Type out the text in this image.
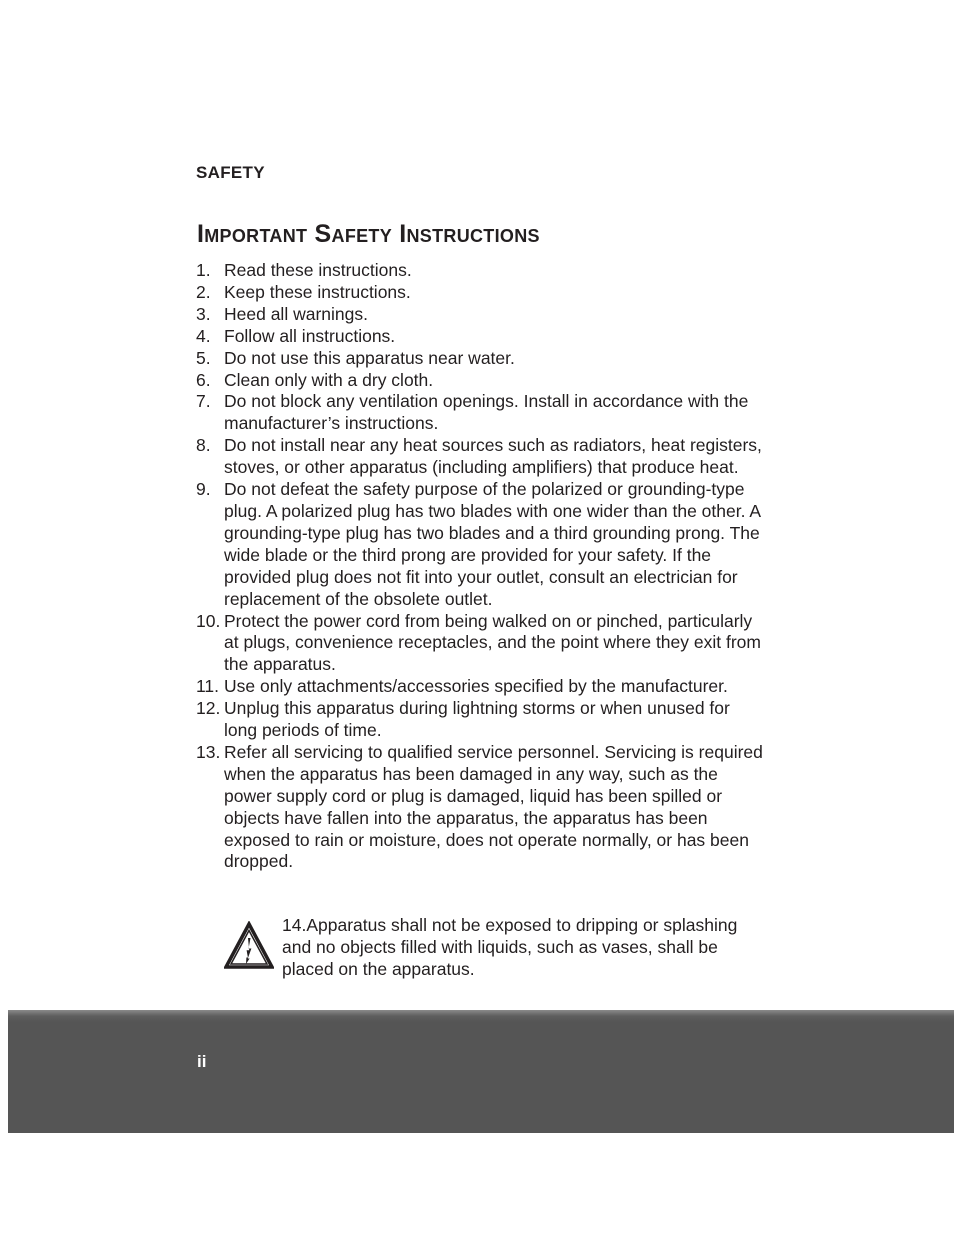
SAFETY
Important Safety Instructions
1. Read these instructions.
2. Keep these instructions.
3. Heed all warnings.
4. Follow all instructions.
5. Do not use this apparatus near water.
6. Clean only with a dry cloth.
7. Do not block any ventilation openings. Install in accordance with the manufacturer’s instructions.
8. Do not install near any heat sources such as radiators, heat registers, stoves, or other apparatus (including amplifiers) that produce heat.
9. Do not defeat the safety purpose of the polarized or grounding-type plug. A polarized plug has two blades with one wider than the other. A grounding-type plug has two blades and a third grounding prong. The wide blade or the third prong are provided for your safety. If the provided plug does not fit into your outlet, consult an electrician for replacement of the obsolete outlet.
10. Protect the power cord from being walked on or pinched, particularly at plugs, convenience receptacles, and the point where they exit from the apparatus.
11. Use only attachments/accessories specified by the manufacturer.
12. Unplug this apparatus during lightning storms or when unused for long periods of time.
13. Refer all servicing to qualified service personnel. Servicing is required when the apparatus has been damaged in any way, such as the power supply cord or plug is damaged, liquid has been spilled or objects have fallen into the apparatus, the apparatus has been exposed to rain or moisture, does not operate normally, or has been dropped.
14.Apparatus shall not be exposed to dripping or splashing and no objects filled with liquids, such as vases, shall be placed on the apparatus.
ii
